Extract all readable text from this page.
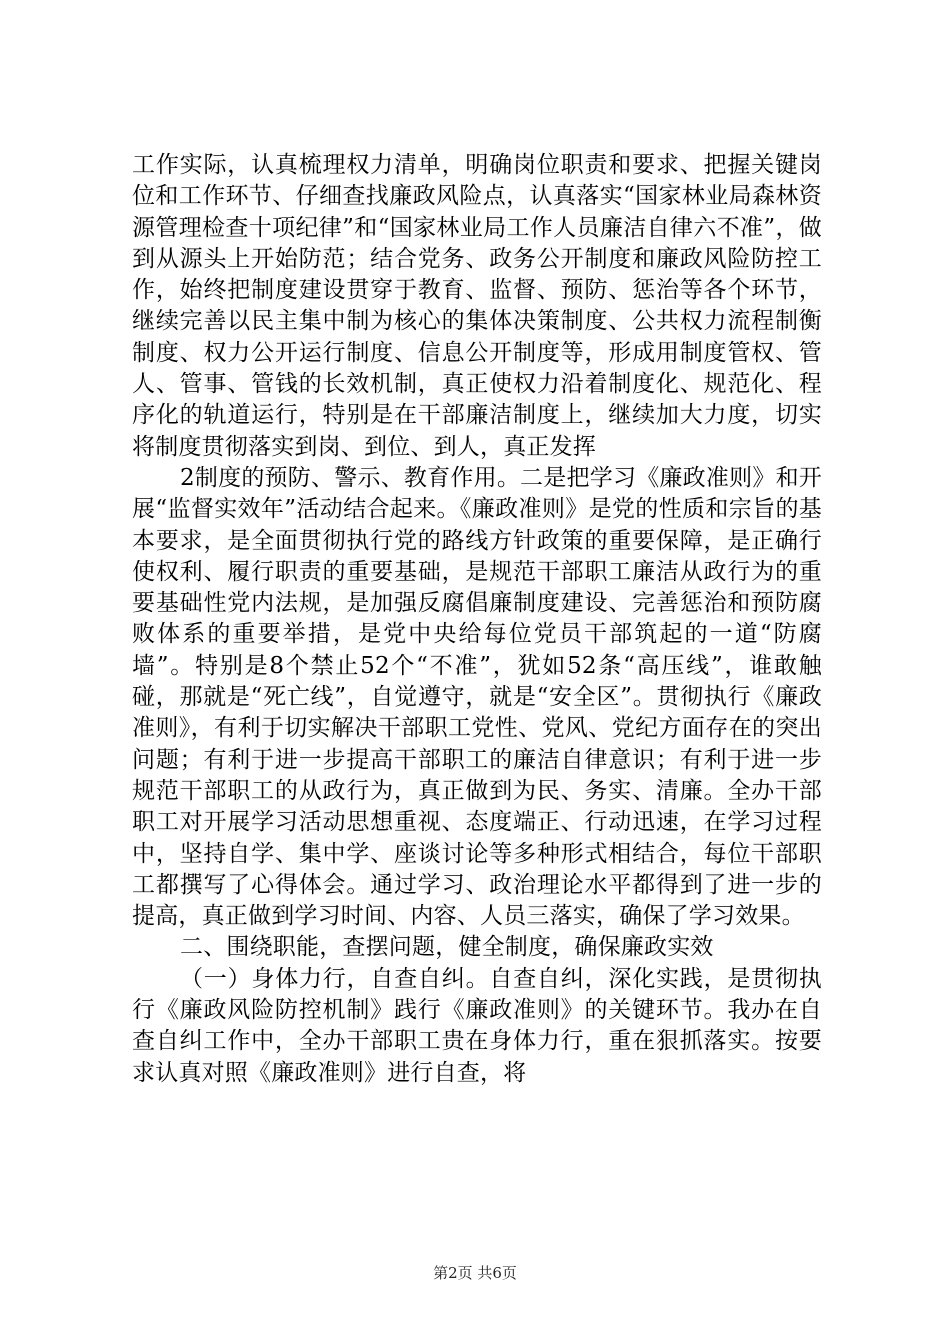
工作实际，认真梳理权力清单，明确岗位职责和要求、把握关键岗位和工作环节、仔细查找廉政风险点，认真落实“国家林业局森林资源管理检查十项纪律”和“国家林业局工作人员廉洁自律六不准”，做到从源头上开始防范；结合党务、政务公开制度和廉政风险防控工作，始终把制度建设贯穿于教育、监督、预防、惩治等各个环节，继续完善以民主集中制为核心的集体决策制度、公共权力流程制衡制度、权力公开运行制度、信息公开制度等，形成用制度管权、管人、管事、管钱的长效机制，真正使权力沿着制度化、规范化、程序化的轨道运行，特别是在干部廉洁制度上，继续加大力度，切实将制度贯彻落实到岗、到位、到人，真正发挥

2制度的预防、警示、教育作用。二是把学习《廉政准则》和开展“监督实效年”活动结合起来。《廉政准则》是党的性质和宗旨的基本要求，是全面贯彻执行党的路线方针政策的重要保障，是正确行使权利、履行职责的重要基础，是规范干部职工廉洁从政行为的重要基础性党内法规，是加强反腐倡廉制度建设、完善惩治和预防腐败体系的重要举措，是党中央给每位党员干部筑起的一道“防腐墙”。特别是8个禁止52个“不准”，犹如52条“高压线”，谁敢触碰，那就是“死亡线”，自觉遵守，就是“安全区”。贯彻执行《廉政准则》，有利于切实解决干部职工党性、党风、党纪方面存在的突出问题；有利于进一步提高干部职工的廉洁自律意识；有利于进一步规范干部职工的从政行为，真正做到为民、务实、清廉。全办干部职工对开展学习活动思想重视、态度端正、行动迅速，在学习过程中，坚持自学、集中学、座谈讨论等多种形式相结合，每位干部职工都撰写了心得体会。通过学习、政治理论水平都得到了进一步的提高，真正做到学习时间、内容、人员三落实，确保了学习效果。

二、围绕职能，查摆问题，健全制度，确保廉政实效

（一）身体力行，自查自纠。自查自纠，深化实践，是贯彻执行《廉政风险防控机制》践行《廉政准则》的关键环节。我办在自查自纠工作中，全办干部职工贵在身体力行，重在狠抓落实。按要求认真对照《廉政准则》进行自查，将

第2页 共6页
